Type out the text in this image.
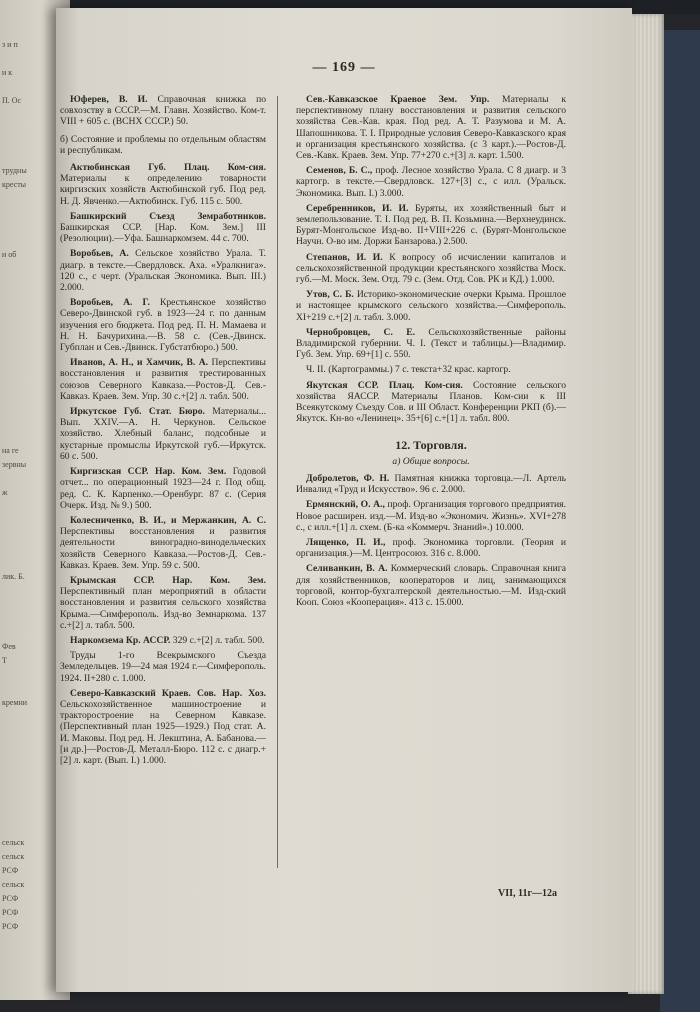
з и п
и к
П. Ос
трудны
кресты
и об
на ге
зервны
ж
лик. Б.
Фев
Т
кремни
сельск
сельск
РСФ
сельск
РСФ
РСФ
РСФ
— 169 —
Юферев, В. И. Справочная книжка по совхозству в СССР.—М. Главн. Хозяйство. Ком-т. VIII + 605 с. (ВСНХ СССР.) 50.
б) Состояние и проблемы по отдельным областям и республикам.
Актюбинская Губ. Плац. Ком-сия. Материалы к определению товарности киргизских хозяйств Актюбинской губ. Под ред. Н. Д. Явченко.—Актюбинск. Губ. 115 с. 500.
Башкирский Съезд Земработников. Башкирская ССР. [Нар. Ком. Зем.] III (Резолюции).—Уфа. Башнаркомзем. 44 с. 700.
Воробьев, А. Сельское хозяйство Урала. Т. диагр. в тексте.—Свердловск. Аха. «Уралкнига». 120 с., с черт. (Уральская Экономика. Вып. III.) 2.000.
Воробьев, А. Г. Крестьянское хозяйство Северо-Двинской губ. в 1923—24 г. по данным изучения его бюджета. Под ред. П. Н. Мамаева и Н. Н. Бачурихина.—В. 58 с. (Сев.-Двинск. Губплан и Сев.-Двинск. Губстатбюро.) 500.
Иванов, А. Н., и Хамчик, В. А. Перспективы восстановления и развития трестированных союзов Северного Кавказа.—Ростов-Д. Сев.-Кавказ. Краев. Зем. Упр. 30 с.+[2] л. табл. 500.
Иркутское Губ. Стат. Бюро. Материалы... Вып. XXIV.—А. Н. Черкунов. Сельское хозяйство. Хлебный баланс, подсобные и кустарные промыслы Иркутской губ.—Иркутск. 60 с. 500.
Киргизская ССР. Нар. Ком. Зем. Годовой отчет... по операционный 1923—24 г. Под общ. ред. С. К. Карпенко.—Оренбург. 87 с. (Серия Очерк. Изд. № 9.) 500.
Колесниченко, В. И., и Мержанкин, А. С. Перспективы восстановления и развития деятельности виноградно-винодельческих хозяйств Северного Кавказа.—Ростов-Д. Сев.-Кавказ. Краев. Зем. Упр. 59 с. 500.
Крымская ССР. Нар. Ком. Зем. Перспективный план мероприятий в области восстановления и развития сельского хозяйства Крыма.—Симферополь. Изд-во Земнаркома. 137 с.+[2] л. табл. 500.
Наркомзема Кр. АССР. 329 с.+[2] л. табл. 500.
Труды 1-го Всекрымского Съезда Земледельцев. 19—24 мая 1924 г.—Симферополь. 1924. II+280 с. 1.000.
Северо-Кавказский Краев. Сов. Нар. Хоз. Сельскохозяйственное машиностроение и тракторостроение на Северном Кавказе. (Перспективный план 1925—1929.) Под стат. А. И. Маковы. Под ред. Н. Лекштина, А. Бабанова.—[и др.]—Ростов-Д. Металл-Бюро. 112 с. с диагр.+[2] л. карт. (Вып. I.) 1.000.
Сев.-Кавказское Краевое Зем. Упр. Материалы к перспективному плану восстановления и развития сельского хозяйства Сев.-Кав. края. Под ред. А. Т. Разумова и М. А. Шапошникова. Т. I. Природные условия Северо-Кавказского края и организация крестьянского хозяйства. (с 3 карт.).—Ростов-Д. Сев.-Кавк. Краев. Зем. Упр. 77+270 с.+[3] л. карт. 1.500.
Семенов, Б. С., проф. Лесное хозяйство Урала. С 8 диагр. и 3 картогр. в тексте.—Свердловск. 127+[3] с., с илл. (Уральск. Экономика. Вып. I.) 3.000.
Серебренников, И. И. Буряты, их хозяйственный быт и землепользование. Т. I. Под ред. В. П. Козьмина.—Верхнеудинск. Бурят-Монгольское Изд-во. II+VIII+226 с. (Бурят-Монгольское Научн. О-во им. Доржи Банзарова.) 2.500.
Степанов, И. И. К вопросу об исчислении капиталов и сельскохозяйственной продукции крестьянского хозяйства Моск. губ.—М. Моск. Зем. Отд. 79 с. (Зем. Отд. Сов. РК и КД.) 1.000.
Утов, С. Б. Историко-экономические очерки Крыма. Прошлое и настоящее крымского сельского хозяйства.—Симферополь. XI+219 с.+[2] л. табл. 3.000.
Чернобровцев, С. Е. Сельскохозяйственные районы Владимирской губернии. Ч. I. (Текст и таблицы.)—Владимир. Губ. Зем. Упр. 69+[1] с. 550.
Ч. II. (Картограммы.) 7 с. текста+32 крас. картогр.
Якутская ССР. Плац. Ком-сия. Состояние сельского хозяйства ЯАССР. Материалы Планов. Ком-сии к III Всеякутскому Съезду Сов. и III Област. Конференции РКП (б).—Якутск. Кн-во «Ленинец». 35+[6] с.+[1] л. табл. 800.
12. Торговля.
а) Общие вопросы.
Добролетов, Ф. Н. Памятная книжка торговца.—Л. Артель Инвалид «Труд и Искусство». 96 с. 2.000.
Ермянский, О. А., проф. Организация торгового предприятия. Новое расширен. изд.—М. Изд-во «Экономич. Жизнь». XVI+278 с., с илл.+[1] л. схем. (Б-ка «Коммерч. Знаний».) 10.000.
Лященко, П. И., проф. Экономика торговли. (Теория и организация.)—М. Центросоюз. 316 с. 8.000.
Селиванкин, В. А. Коммерческий словарь. Справочная книга для хозяйственников, кооператоров и лиц, занимающихся торговой, контор-бухгалтерской деятельностью.—М. Изд-ский Кооп. Союз «Кооперация». 413 с. 15.000.
VII, 11г—12а
